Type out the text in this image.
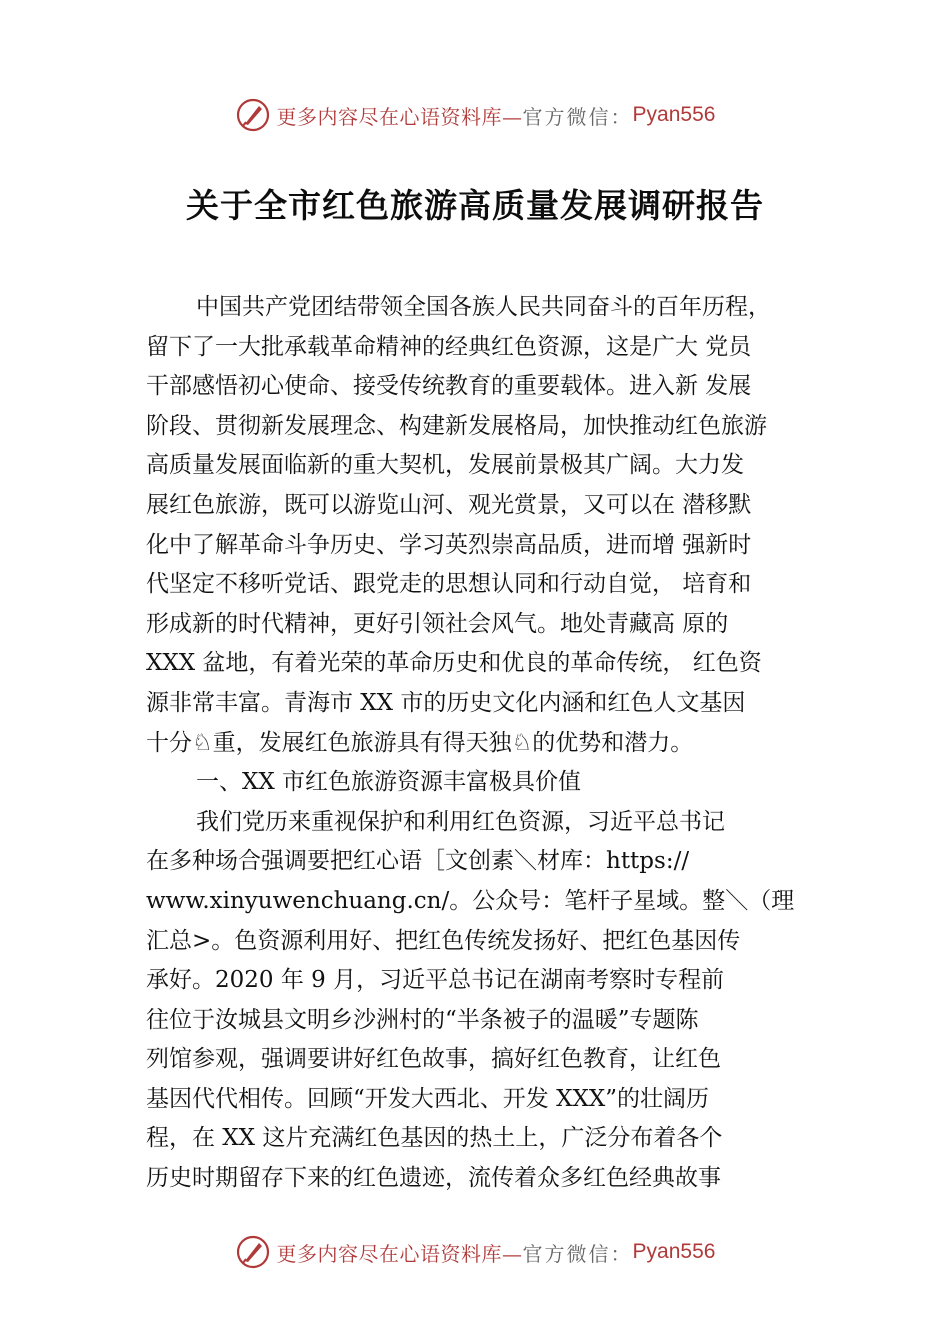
更多内容尽在心语资料库— 官方微信： Pyan556
关于全市红色旅游高质量发展调研报告
中国共产党团结带领全国各族人民共同奋斗的百年历程，
留下了一大批承载革命精神的经典红色资源，这是广大 党员
干部感悟初心使命、接受传统教育的重要载体。进入新 发展
阶段、贯彻新发展理念、构建新发展格局，加快推动红色旅游
高质量发展面临新的重大契机，发展前景极其广阔。大力发
展红色旅游，既可以游览山河、观光赏景，又可以在 潜移默
化中了解革命斗争历史、学习英烈崇高品质，进而增 强新时
代坚定不移听党话、跟党走的思想认同和行动自觉， 培育和
形成新的时代精神，更好引领社会风气。地处青藏高 原的
XXX 盆地，有着光荣的革命历史和优良的革命传统， 红色资
源非常丰富。青海市 XX 市的历史文化内涵和红色人文基因
十分♘重，发展红色旅游具有得天独♘的优势和潜力。
一、XX 市红色旅游资源丰富极具价值
我们党历来重视保护和利用红色资源，习近平总书记
在多种场合强调要把红心语［文创素＼材库：https://
www.xinyuwenchuang.cn/。公众号：笔杆子星域。整＼（理
汇总>。色资源利用好、把红色传统发扬好、把红色基因传
承好。2020 年 9 月，习近平总书记在湖南考察时专程前
往位于汝城县文明乡沙洲村的“半条被子的温暖”专题陈
列馆参观，强调要讲好红色故事，搞好红色教育，让红色
基因代代相传。回顾“开发大西北、开发 XXX”的壮阔历
程，在 XX 这片充满红色基因的热土上，广泛分布着各个
历史时期留存下来的红色遗迹，流传着众多红色经典故事
更多内容尽在心语资料库— 官方微信： Pyan556
